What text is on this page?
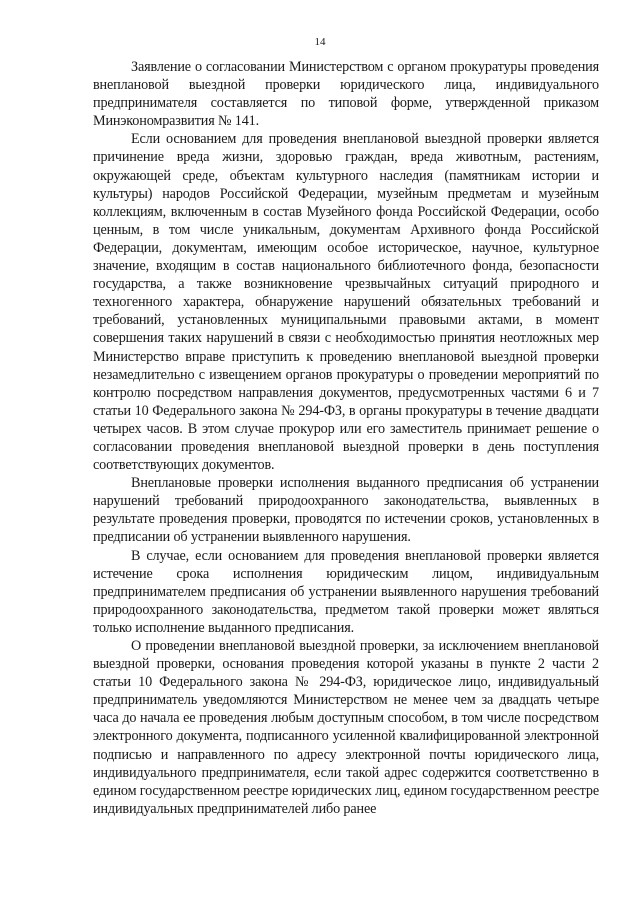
14

Заявление о согласовании Министерством с органом прокуратуры проведения внеплановой выездной проверки юридического лица, индивидуального предпринимателя составляется по типовой форме, утвержденной приказом Минэкономразвития № 141.

Если основанием для проведения внеплановой выездной проверки является причинение вреда жизни, здоровью граждан, вреда животным, растениям, окружающей среде, объектам культурного наследия (памятникам истории и культуры) народов Российской Федерации, музейным предметам и музейным коллекциям, включенным в состав Музейного фонда Российской Федерации, особо ценным, в том числе уникальным, документам Архивного фонда Российской Федерации, документам, имеющим особое историческое, научное, культурное значение, входящим в состав национального библиотечного фонда, безопасности государства, а также возникновение чрезвычайных ситуаций природного и техногенного характера, обнаружение нарушений обязательных требований и требований, установленных муниципальными правовыми актами, в момент совершения таких нарушений в связи с необходимостью принятия неотложных мер Министерство вправе приступить к проведению внеплановой выездной проверки незамедлительно с извещением органов прокуратуры о проведении мероприятий по контролю посредством направления документов, предусмотренных частями 6 и 7 статьи 10 Федерального закона № 294-ФЗ, в органы прокуратуры в течение двадцати четырех часов. В этом случае прокурор или его заместитель принимает решение о согласовании проведения внеплановой выездной проверки в день поступления соответствующих документов.

Внеплановые проверки исполнения выданного предписания об устранении нарушений требований природоохранного законодательства, выявленных в результате проведения проверки, проводятся по истечении сроков, установленных в предписании об устранении выявленного нарушения.

В случае, если основанием для проведения внеплановой проверки является истечение срока исполнения юридическим лицом, индивидуальным предпринимателем предписания об устранении выявленного нарушения требований природоохранного законодательства, предметом такой проверки может являться только исполнение выданного предписания.

О проведении внеплановой выездной проверки, за исключением внеплановой выездной проверки, основания проведения которой указаны в пункте 2 части 2 статьи 10 Федерального закона № 294-ФЗ, юридическое лицо, индивидуальный предприниматель уведомляются Министерством не менее чем за двадцать четыре часа до начала ее проведения любым доступным способом, в том числе посредством электронного документа, подписанного усиленной квалифицированной электронной подписью и направленного по адресу электронной почты юридического лица, индивидуального предпринимателя, если такой адрес содержится соответственно в едином государственном реестре юридических лиц, едином государственном реестре индивидуальных предпринимателей либо ранее
